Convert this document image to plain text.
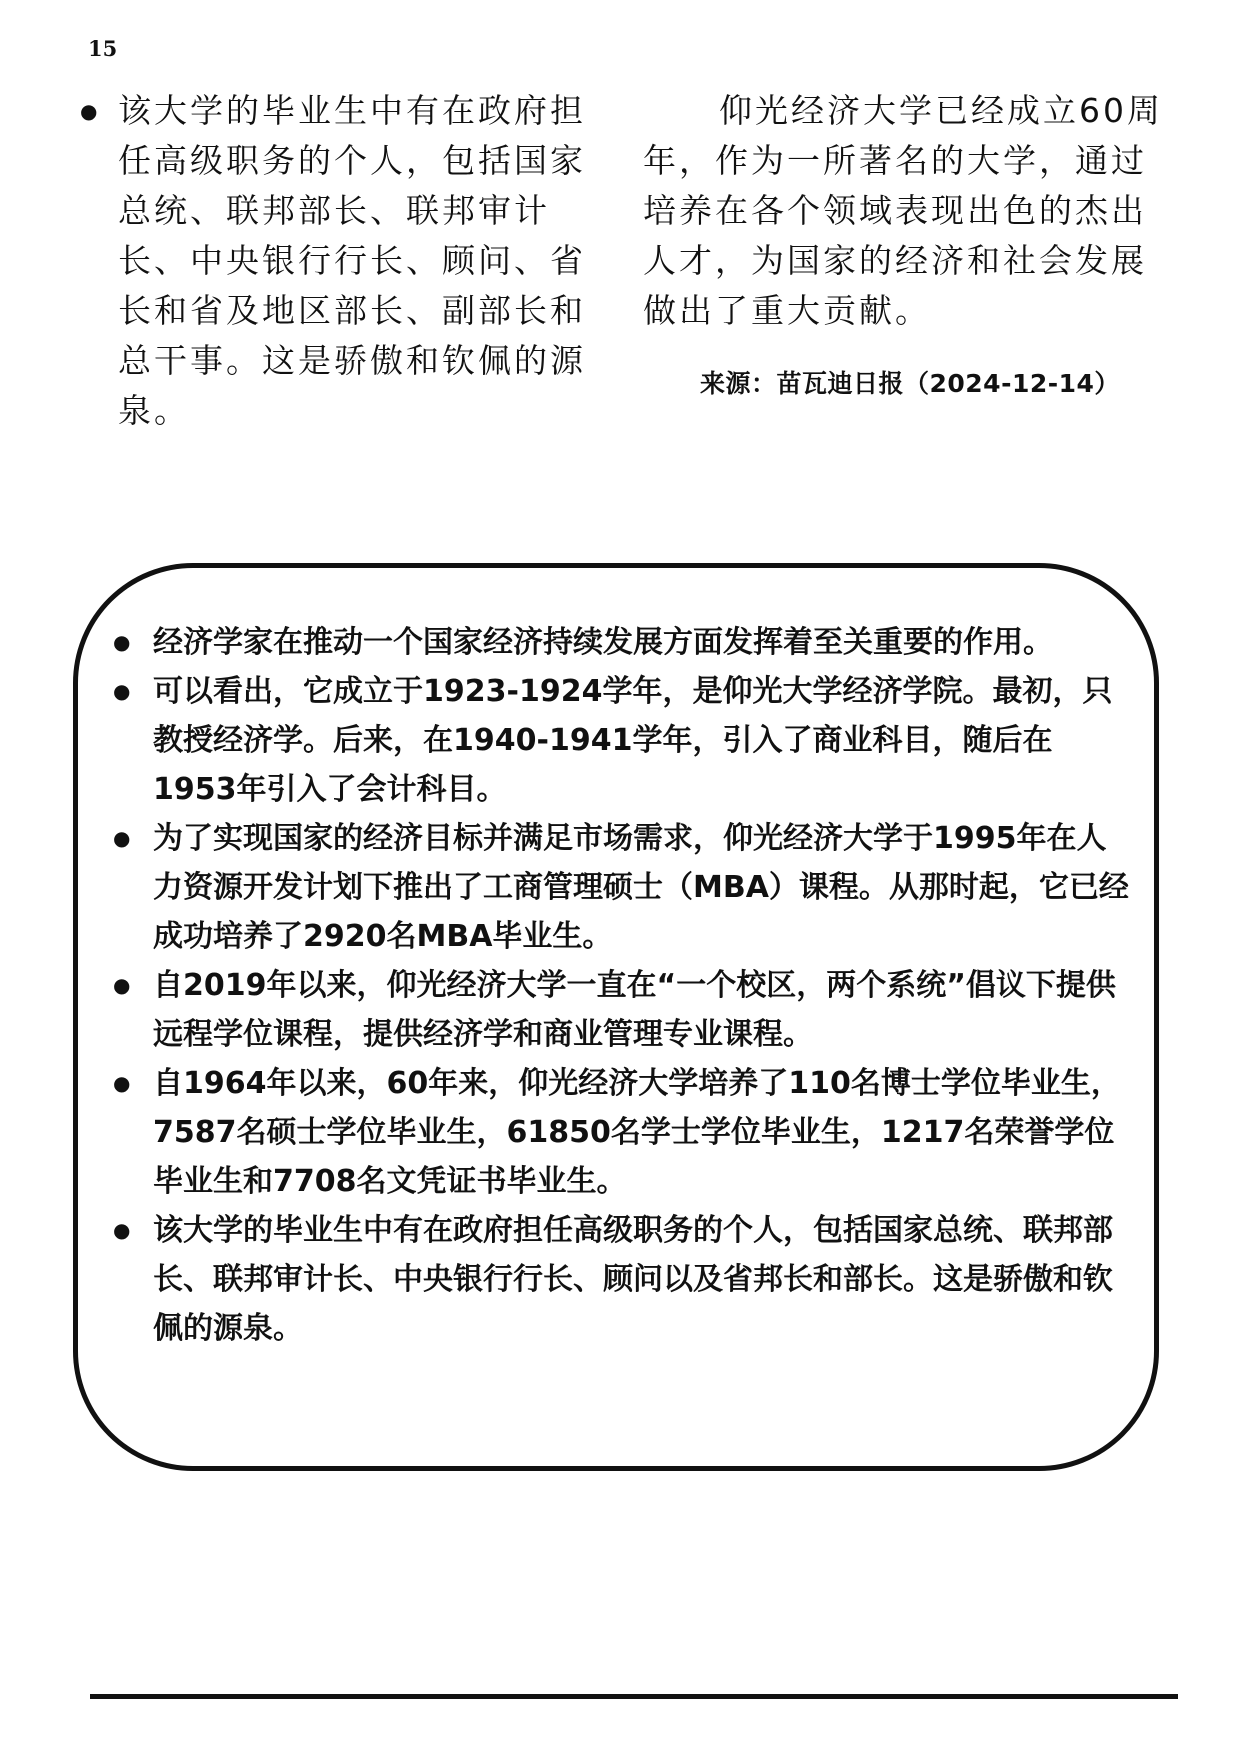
15
● 该大学的毕业生中有在政府担任高级职务的个人，包括国家总统、联邦部长、联邦审计长、中央银行行长、顾问、省长和省及地区部长、副部长和总干事。这是骄傲和钦佩的源泉。
仰光经济大学已经成立60周年，作为一所著名的大学，通过培养在各个领域表现出色的杰出人才，为国家的经济和社会发展做出了重大贡献。
来源：苗瓦迪日报（2024-12-14）
● 经济学家在推动一个国家经济持续发展方面发挥着至关重要的作用。
● 可以看出，它成立于1923-1924学年，是仰光大学经济学院。最初，只教授经济学。后来，在1940-1941学年，引入了商业科目，随后在1953年引入了会计科目。
● 为了实现国家的经济目标并满足市场需求，仰光经济大学于1995年在人力资源开发计划下推出了工商管理硕士（MBA）课程。从那时起，它已经成功培养了2920名MBA毕业生。
● 自2019年以来，仰光经济大学一直在“一个校区，两个系统”倡议下提供远程学位课程，提供经济学和商业管理专业课程。
● 自1964年以来，60年来，仰光经济大学培养了110名博士学位毕业生，7587名硕士学位毕业生，61850名学士学位毕业生，1217名荣誉学位毕业生和7708名文凭证书毕业生。
● 该大学的毕业生中有在政府担任高级职务的个人，包括国家总统、联邦部长、联邦审计长、中央银行行长、顾问以及省邦长和部长。这是骄傲和钦佩的源泉。
